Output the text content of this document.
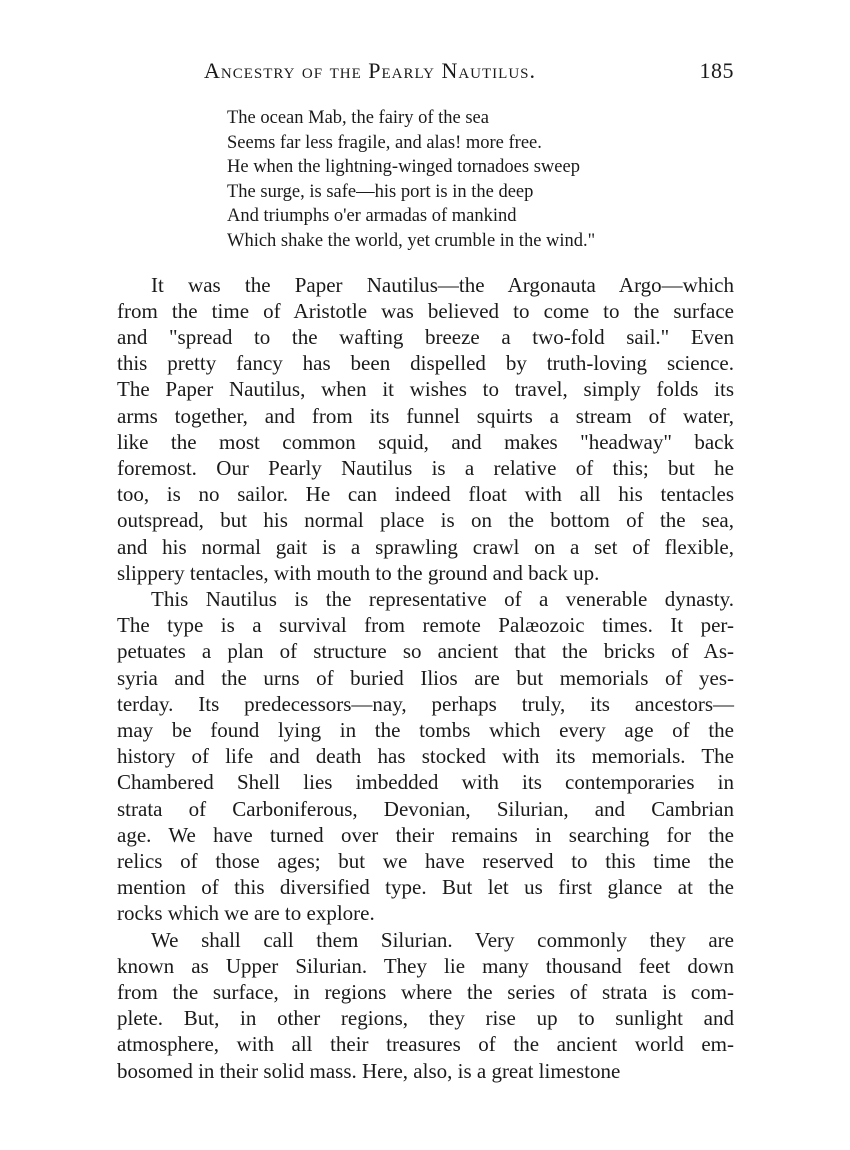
Ancestry of the Pearly Nautilus.	185
The ocean Mab, the fairy of the sea
Seems far less fragile, and alas! more free.
He when the lightning-winged tornadoes sweep
The surge, is safe—his port is in the deep
And triumphs o'er armadas of mankind
Which shake the world, yet crumble in the wind."
It was the Paper Nautilus—the Argonauta Argo—which
from the time of Aristotle was believed to come to the surface
and "spread to the wafting breeze a two-fold sail." Even
this pretty fancy has been dispelled by truth-loving science.
The Paper Nautilus, when it wishes to travel, simply folds its
arms together, and from its funnel squirts a stream of water,
like the most common squid, and makes "headway" back
foremost. Our Pearly Nautilus is a relative of this; but he
too, is no sailor. He can indeed float with all his tentacles
outspread, but his normal place is on the bottom of the sea,
and his normal gait is a sprawling crawl on a set of flexible,
slippery tentacles, with mouth to the ground and back up.
This Nautilus is the representative of a venerable dynasty.
The type is a survival from remote Palæozoic times. It per-
petuates a plan of structure so ancient that the bricks of As-
syria and the urns of buried Ilios are but memorials of yes-
terday. Its predecessors—nay, perhaps truly, its ancestors—
may be found lying in the tombs which every age of the
history of life and death has stocked with its memorials. The
Chambered Shell lies imbedded with its contemporaries in
strata of Carboniferous, Devonian, Silurian, and Cambrian
age. We have turned over their remains in searching for the
relics of those ages; but we have reserved to this time the
mention of this diversified type. But let us first glance at the
rocks which we are to explore.
We shall call them Silurian. Very commonly they are
known as Upper Silurian. They lie many thousand feet down
from the surface, in regions where the series of strata is com-
plete. But, in other regions, they rise up to sunlight and
atmosphere, with all their treasures of the ancient world em-
bosomed in their solid mass. Here, also, is a great limestone
